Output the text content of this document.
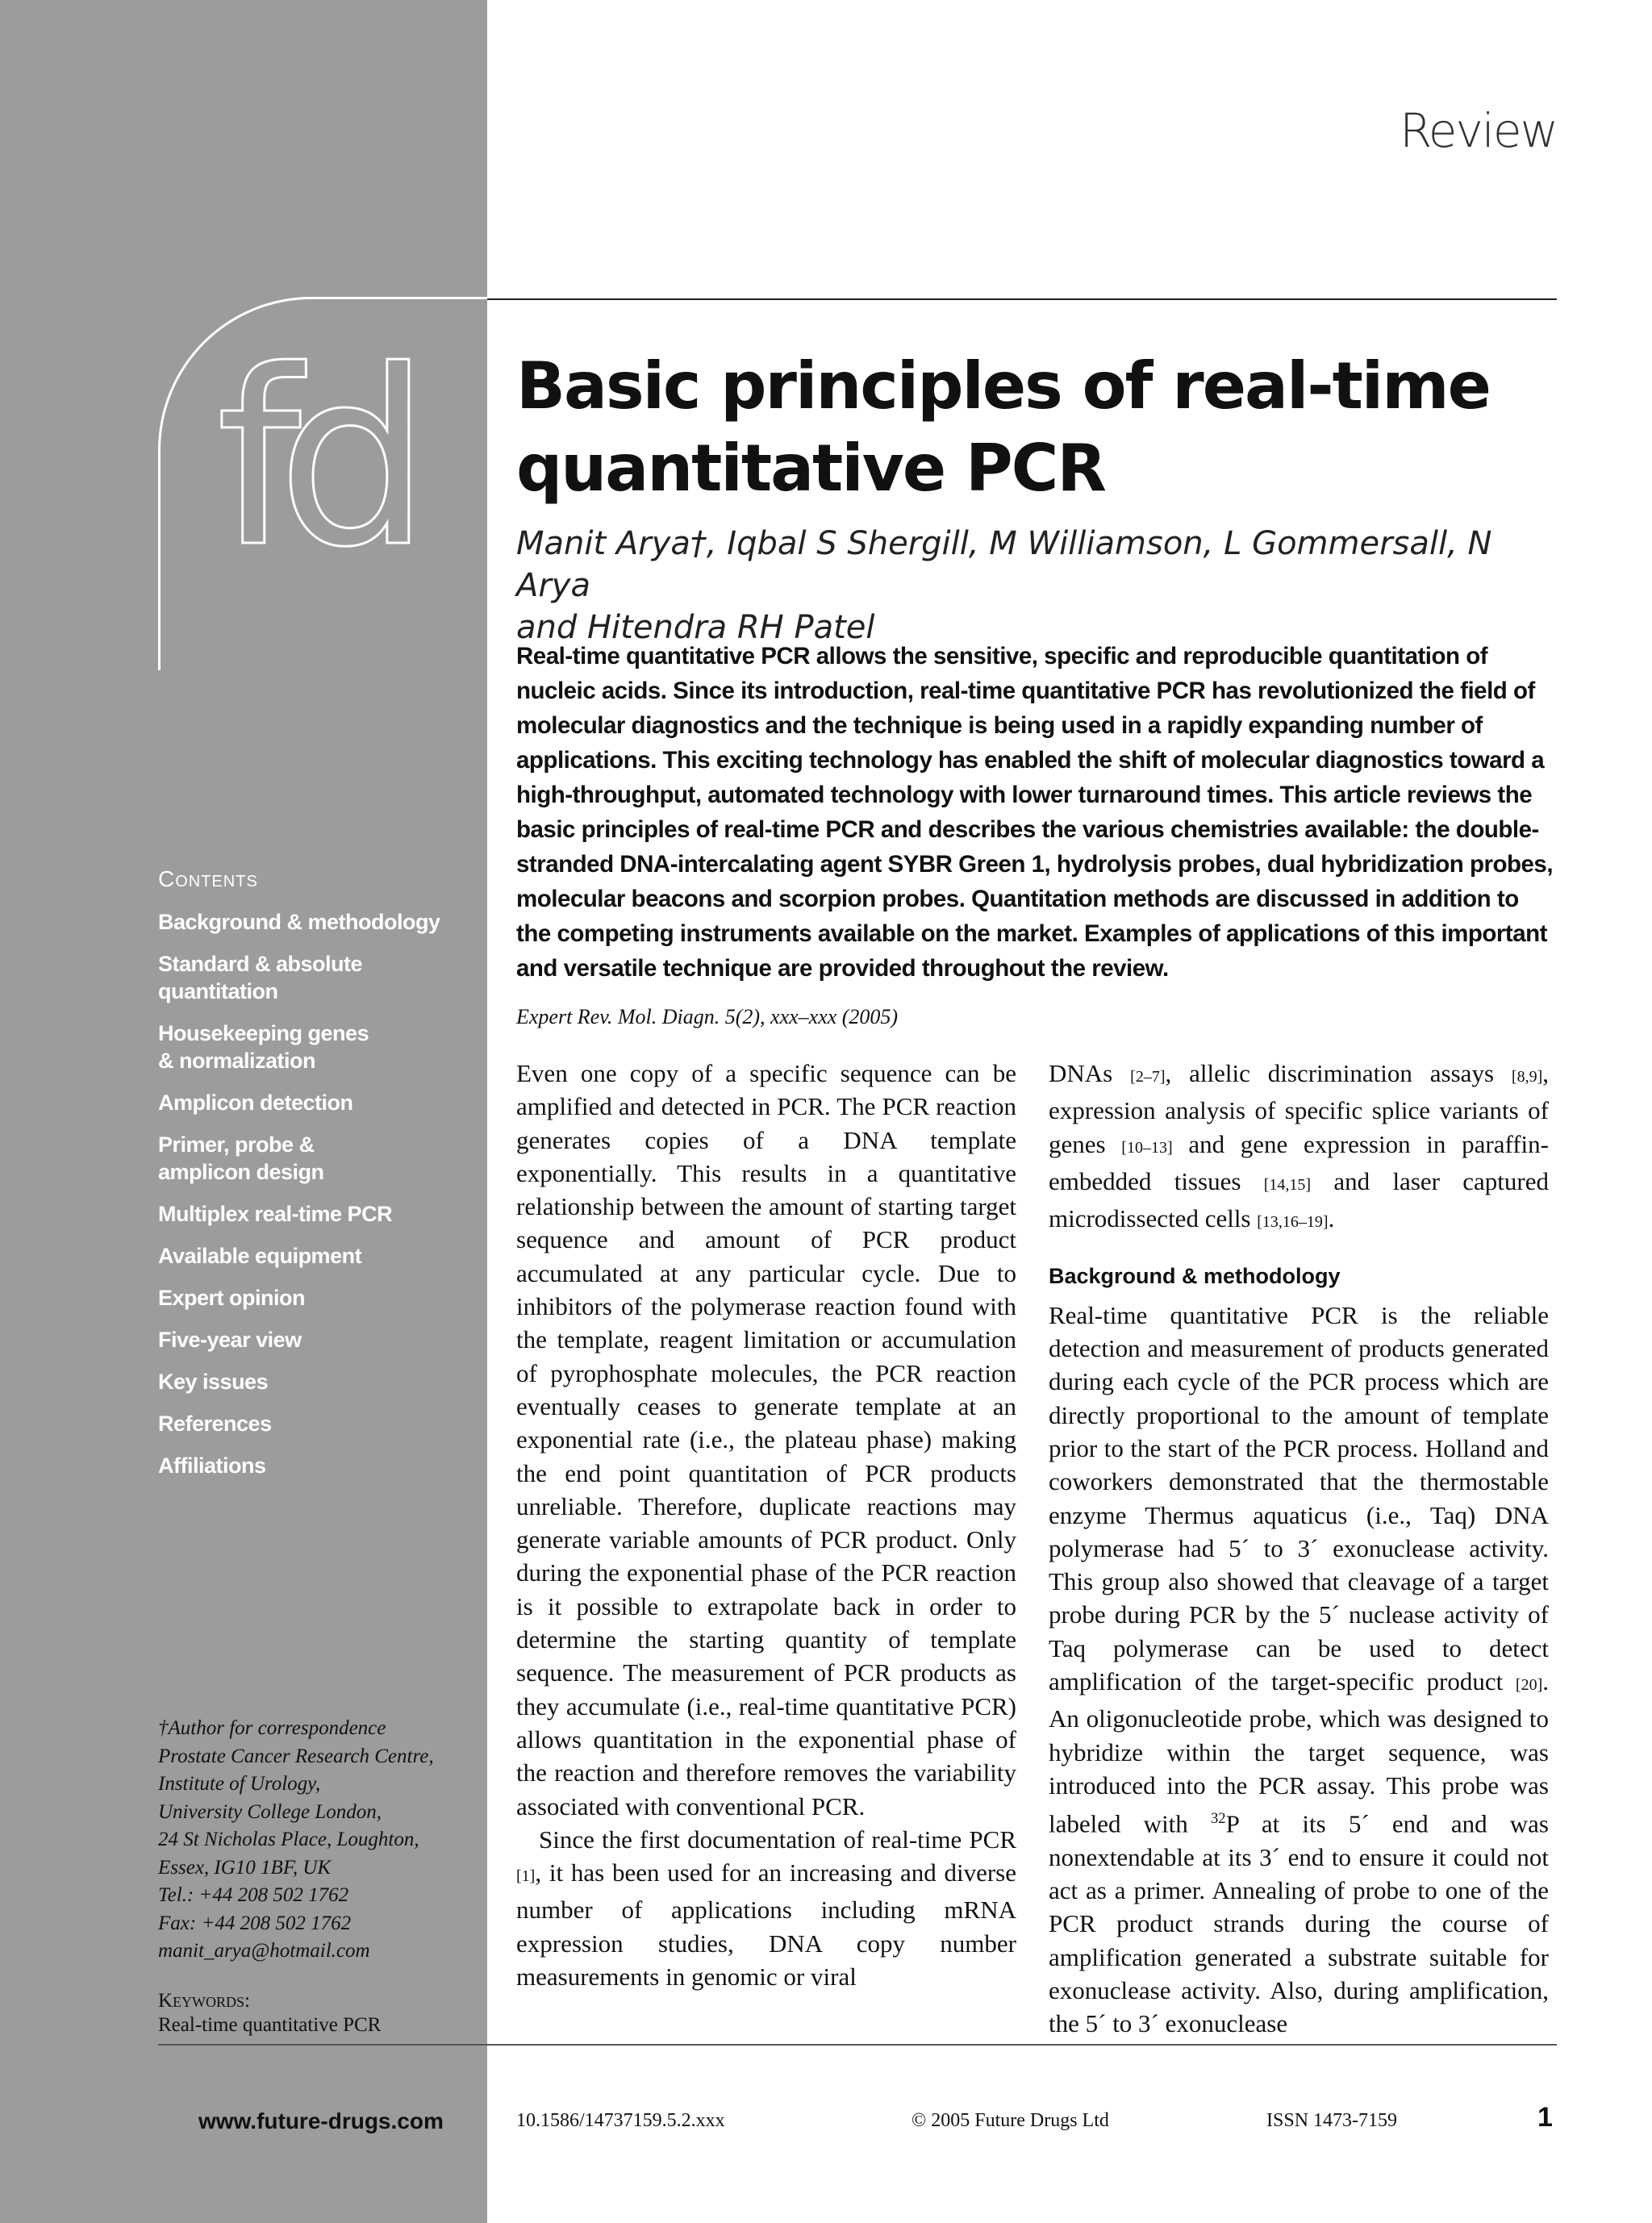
fd
Contents
Background & methodology
Standard & absolute
quantitation
Housekeeping genes
& normalization
Amplicon detection
Primer, probe &
amplicon design
Multiplex real-time PCR
Available equipment
Expert opinion
Five-year view
Key issues
References
Affiliations
†Author for correspondence
Prostate Cancer Research Centre,
Institute of Urology,
University College London,
24 St Nicholas Place, Loughton,
Essex, IG10 1BF, UK
Tel.: +44 208 502 1762
Fax: +44 208 502 1762
manit_arya@hotmail.com
Keywords:
Real-time quantitative PCR
www.future-drugs.com
Review
Basic principles of real-time quantitative PCR
Manit Arya†, Iqbal S Shergill, M Williamson, L Gommersall, N Arya
and Hitendra RH Patel
Real-time quantitative PCR allows the sensitive, specific and reproducible quantitation of nucleic acids. Since its introduction, real-time quantitative PCR has revolutionized the field of molecular diagnostics and the technique is being used in a rapidly expanding number of applications. This exciting technology has enabled the shift of molecular diagnostics toward a high-throughput, automated technology with lower turnaround times. This article reviews the basic principles of real-time PCR and describes the various chemistries available: the double-stranded DNA-intercalating agent SYBR Green 1, hydrolysis probes, dual hybridization probes, molecular beacons and scorpion probes. Quantitation methods are discussed in addition to the competing instruments available on the market. Examples of applications of this important and versatile technique are provided throughout the review.
Expert Rev. Mol. Diagn. 5(2), xxx–xxx (2005)

Even one copy of a specific sequence can be amplified and detected in PCR. The PCR reaction generates copies of a DNA template exponentially. This results in a quantitative relationship between the amount of starting target sequence and amount of PCR product accumulated at any particular cycle. Due to inhibitors of the polymerase reaction found with the template, reagent limitation or accumulation of pyrophosphate molecules, the PCR reaction eventually ceases to generate template at an exponential rate (i.e., the plateau phase) making the end point quantitation of PCR products unreliable. Therefore, duplicate reactions may generate variable amounts of PCR product. Only during the exponential phase of the PCR reaction is it possible to extrapolate back in order to determine the starting quantity of template sequence. The measurement of PCR products as they accumulate (i.e., real-time quantitative PCR) allows quantitation in the exponential phase of the reaction and therefore removes the variability associated with conventional PCR.

Since the first documentation of real-time PCR [1], it has been used for an increasing and diverse number of applications including mRNA expression studies, DNA copy number measurements in genomic or viral

DNAs [2–7], allelic discrimination assays [8,9], expression analysis of specific splice variants of genes [10–13] and gene expression in paraffin-embedded tissues [14,15] and laser captured microdissected cells [13,16–19].

Background & methodology

Real-time quantitative PCR is the reliable detection and measurement of products generated during each cycle of the PCR process which are directly proportional to the amount of template prior to the start of the PCR process. Holland and coworkers demonstrated that the thermostable enzyme Thermus aquaticus (i.e., Taq) DNA polymerase had 5´ to 3´ exonuclease activity. This group also showed that cleavage of a target probe during PCR by the 5´ nuclease activity of Taq polymerase can be used to detect amplification of the target-specific product [20]. An oligonucleotide probe, which was designed to hybridize within the target sequence, was introduced into the PCR assay. This probe was labeled with $^{32}$P at its 5´ end and was nonextendable at its 3´ end to ensure it could not act as a primer. Annealing of probe to one of the PCR product strands during the course of amplification generated a substrate suitable for exonuclease activity. Also, during amplification, the 5´ to 3´ exonuclease

10.1586/14737159.5.2.xxx	© 2005 Future Drugs Ltd	ISSN 1473-7159	1
